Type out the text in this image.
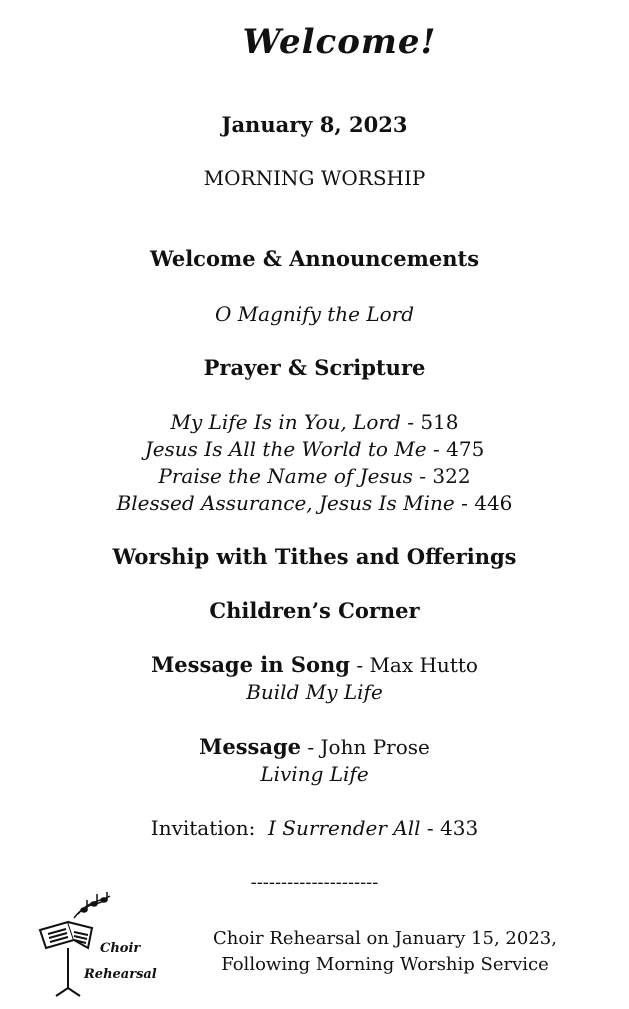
Welcome!

January 8, 2023

MORNING WORSHIP

Welcome & Announcements

O Magnify the Lord

Prayer & Scripture

My Life Is in You, Lord - 518

Jesus Is All the World to Me - 475

Praise the Name of Jesus - 322

Blessed Assurance, Jesus Is Mine - 446

Worship with Tithes and Offerings

Children’s Corner

Message in Song - Max Hutto

Build My Life

Message - John Prose

Living Life

Invitation:  I Surrender All - 433

---------------------

Choir
Rehearsal
Choir Rehearsal on January 15, 2023,
Following Morning Worship Service
